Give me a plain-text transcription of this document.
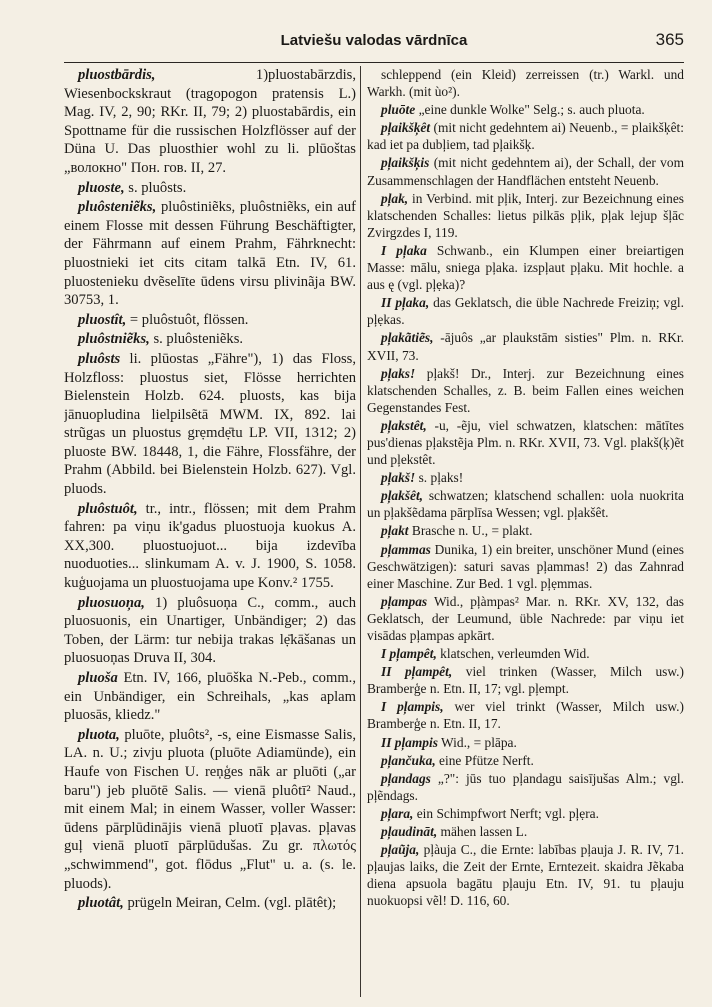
Latviešu valodas vārdnīca	365

pluostbārdis,	1)pluostabārzdis, Wiesenbockskraut (tragopogon pratensis L.) Mag. IV, 2, 90; RKr. II, 79; 2) pluostabārdis, ein Spottname für die russischen Holzflösser auf der Düna U. Das pluosthier wohl zu li. plūoštas „волокно" Пон. гов. II, 27.

pluoste, s. pluôsts.

pluôsteniẽks, pluôstiniẽks, pluôstniẽks, ein auf einem Flosse mit dessen Führung Beschäftigter, der Fährmann auf einem Prahm, Fährknecht: pluostnieki iet cits citam talkā Etn. IV, 61. pluostenieku dvẽselīte ūdens virsu plivinãja BW. 30753, 1.

pluostît, = pluôstuôt, flössen.

pluôstniẽks, s. pluôsteniẽks.

pluôsts li. plūostas „Fähre"), 1) das Floss, Holzfloss: pluostus siet, Flösse herrichten Bielenstein Holzb. 624. pluosts, kas bija jānuopludina lielpilsẽtā MWM. IX, 892. lai strũgas un pluostus grẹmdẹ̄tu LP. VII, 1312; 2) pluoste BW. 18448, 1, die Fähre, Flossfähre, der Prahm (Abbild. bei Bielenstein Holzb. 627). Vgl. pluods.

pluôstuôt, tr., intr., flössen; mit dem Prahm fahren: pa viṇu ik'gadus pluostuoja kuokus A. XX,300. pluostuojuot... bija izdevība nuoduoties... slinkumam A. v. J. 1900, S. 1058. kuģuojama un pluostuojama upe Konv.² 1755.

pluosuoņa, 1) pluôsuoņa C., comm., auch pluosuonis, ein Unartiger, Unbändiger; 2) das Toben, der Lärm: tur nebija trakas lẹ̄kāšanas un pluosuoņas Druva II, 304.

pluoša Etn. IV, 166, pluōška N.-Peb., comm., ein Unbändiger, ein Schreihals, „kas aplam pluosās, kliedz."

pluota, pluōte, pluôts², -s, eine Eismasse Salis, LA. n. U.; zivju pluota (pluōte Adiamünde), ein Haufe von Fischen U. reņģes nāk ar pluōti („ar baru") jeb pluōtē Salis. — vienā pluôtī² Naud., mit einem Mal; in einem Wasser, voller Wasser: ūdens pārplūdinājis vienā pluotī pļavas. pļavas guļ vienā pluotī pārplūdušas. Zu gr. πλωτός „schwimmend", got. flōdus „Flut" u. a. (s. le. pluods).

pluotât, prügeln Meiran, Celm. (vgl. plātêt);

schleppend (ein Kleid) zerreissen (tr.) Warkl. und Warkh. (mit ùo²).

pluōte „eine dunkle Wolke" Selg.; s. auch pluota.

pļaikšķêt (mit nicht gedehntem ai) Neuenb., = plaikšķêt: kad iet pa dubļiem, tad pļaikšķ.

pļaikšķis (mit nicht gedehntem ai), der Schall, der vom Zusammenschlagen der Handflächen entsteht Neuenb.

pļak, in Verbind. mit pļik, Interj. zur Bezeichnung eines klatschenden Schalles: lietus pilkās pļik, pļak lejup šļāc Zvirgzdes I, 119.

I pļaka Schwanb., ein Klumpen einer breiartigen Masse: mālu, sniega pļaka. izspļaut pļaku. Mit hochle. a aus ę (vgl. pļẹka)?

II pļaka, das Geklatsch, die üble Nachrede Freiziņ; vgl. pļẹkas.

pļakãtiẽs, -ājuôs „ar plaukstām sisties" Plm. n. RKr. XVII, 73.

pļaks! pļakš! Dr., Interj. zur Bezeichnung eines klatschenden Schalles, z. B. beim Fallen eines weichen Gegenstandes Fest.

pļakstêt, -u, -ẽju, viel schwatzen, klatschen: mātītes pus'dienas pļakstẽja Plm. n. RKr. XVII, 73. Vgl. plakš(ķ)ẽt und pļekstêt.

pļakš! s. pļaks!

pļakšêt, schwatzen; klatschend schallen: uola nuokrita un pļakšẽdama pārplīsa Wessen; vgl. pļakšêt.

pļakt Brasche n. U., = plakt.

pļammas Dunika, 1) ein breiter, unschöner Mund (eines Geschwätzigen): saturi savas pļammas! 2) das Zahnrad einer Maschine. Zur Bed. 1 vgl. pļẹmmas.

pļampas Wid., pļàmpas² Mar. n. RKr. XV, 132, das Geklatsch, der Leumund, üble Nachrede: par viņu iet visādas pļampas apkārt.

I pļampêt, klatschen, verleumden Wid.

II pļampêt, viel trinken (Wasser, Milch usw.) Bramberģe n. Etn. II, 17; vgl. pļempt.

I pļampis, wer viel trinkt (Wasser, Milch usw.) Bramberģe n. Etn. II, 17.

II pļampis Wid., = plāpa.

pļančuka, eine Pfütze Nerft.

pļandags „?": jūs tuo pļandagu saisījušas Alm.; vgl. pļẽndags.

pļara, ein Schimpfwort Nerft; vgl. pļẹra.

pļaudināt, mähen lassen L.

pļaũja, pļàuja C., die Ernte: labības pļauja J. R. IV, 71. pļaujas laiks, die Zeit der Ernte, Erntezeit. skaidra Jẽkaba diena apsuola bagātu pļauju Etn. IV, 91. tu pļauju nuokuopsi vẽl! D. 116, 60.
